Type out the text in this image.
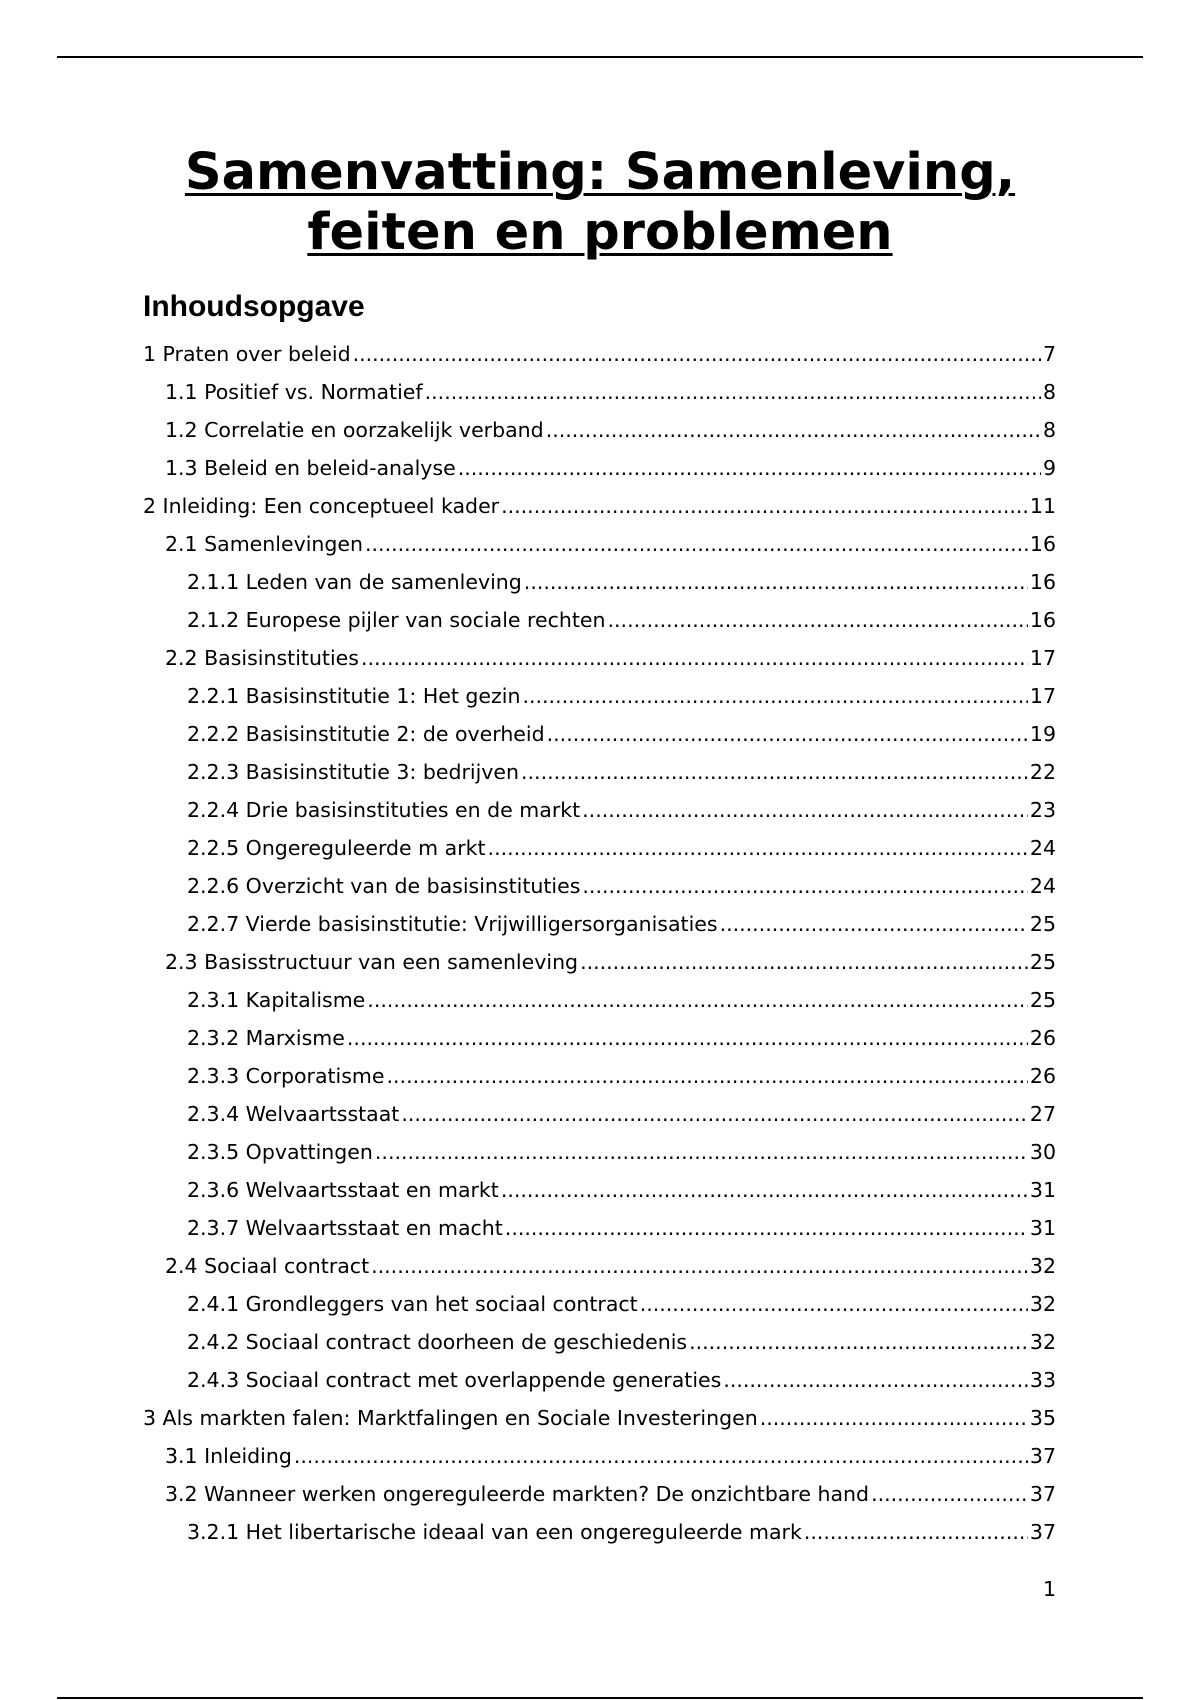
Samenvatting: Samenleving,
feiten en problemen
Inhoudsopgave
1 Praten over beleid .....	7
1.1 Positief vs. Normatief .....	8
1.2 Correlatie en oorzakelijk verband .....	8
1.3 Beleid en beleid-analyse .....	9
2 Inleiding: Een conceptueel kader .....	11
2.1 Samenlevingen .....	16
2.1.1 Leden van de samenleving .....	16
2.1.2 Europese pijler van sociale rechten .....	16
2.2 Basisinstituties .....	17
2.2.1 Basisinstitutie 1: Het gezin .....	17
2.2.2 Basisinstitutie 2: de overheid .....	19
2.2.3 Basisinstitutie 3: bedrijven .....	22
2.2.4 Drie basisinstituties en de markt .....	23
2.2.5 Ongereguleerde m arkt .....	24
2.2.6 Overzicht van de basisinstituties .....	24
2.2.7 Vierde basisinstitutie: Vrijwilligersorganisaties .....	25
2.3 Basisstructuur van een samenleving .....	25
2.3.1 Kapitalisme .....	25
2.3.2 Marxisme .....	26
2.3.3 Corporatisme .....	26
2.3.4 Welvaartsstaat .....	27
2.3.5 Opvattingen .....	30
2.3.6 Welvaartsstaat en markt .....	31
2.3.7 Welvaartsstaat en macht .....	31
2.4 Sociaal contract .....	32
2.4.1 Grondleggers van het sociaal contract .....	32
2.4.2 Sociaal contract doorheen de geschiedenis .....	32
2.4.3 Sociaal contract met overlappende generaties .....	33
3 Als markten falen: Marktfalingen en Sociale Investeringen .....	35
3.1 Inleiding .....	37
3.2 Wanneer werken ongereguleerde markten? De onzichtbare hand .....	37
3.2.1 Het libertarische ideaal van een ongereguleerde mark .....	37
1
